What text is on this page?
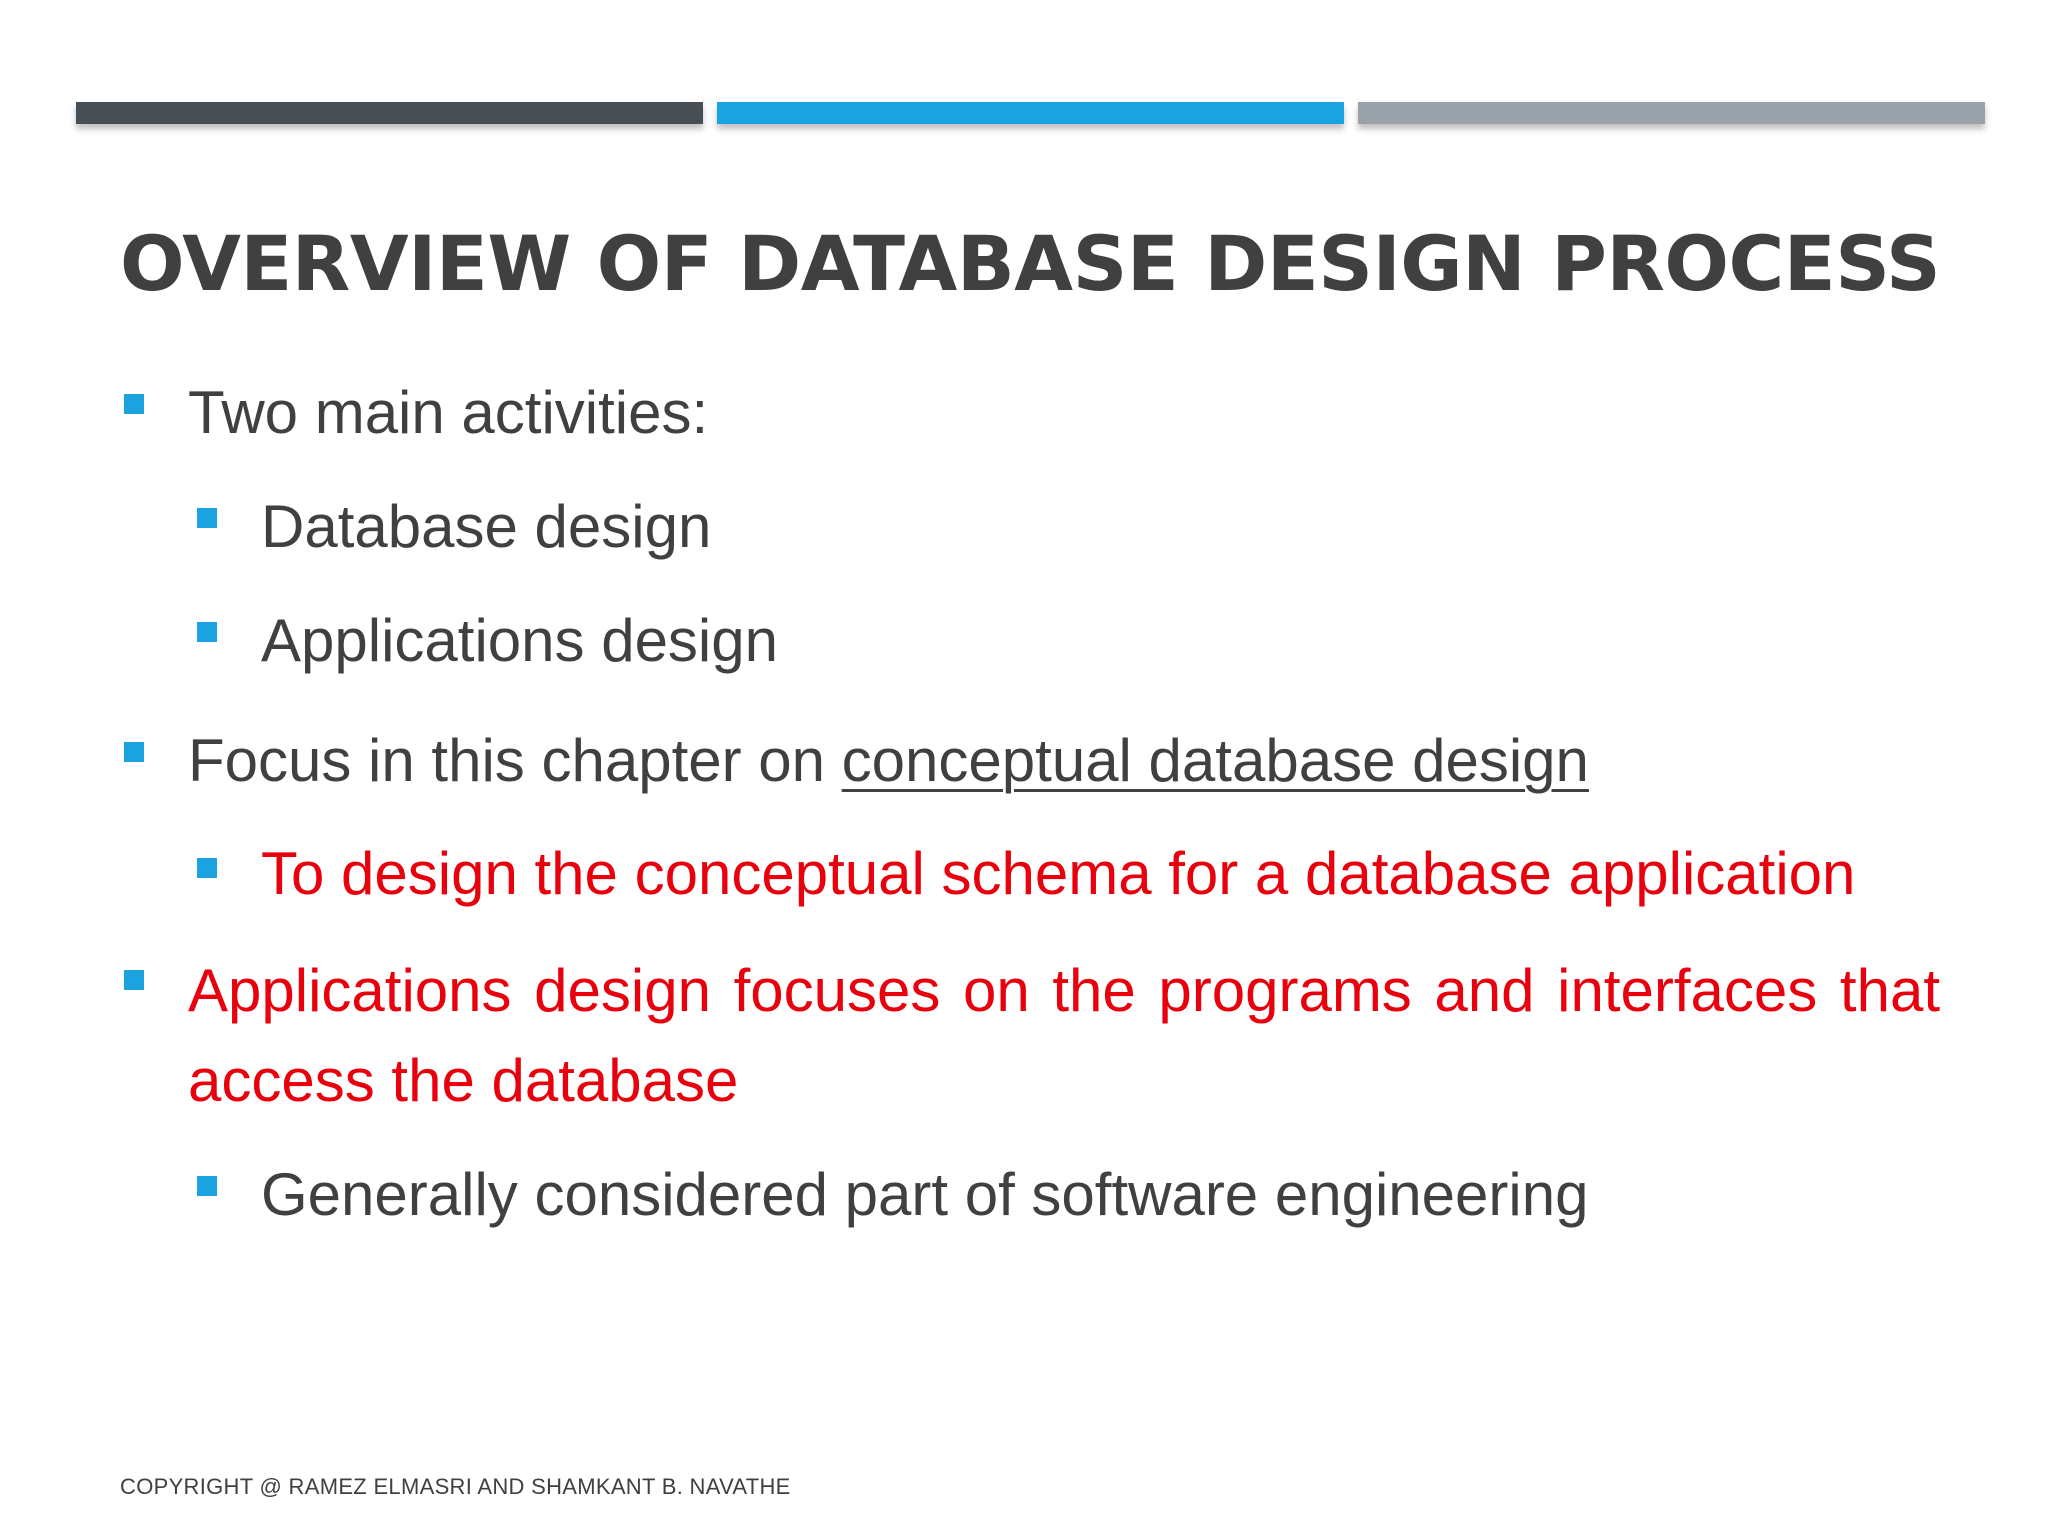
OVERVIEW OF DATABASE DESIGN PROCESS
Two main activities:
Database design
Applications design
Focus in this chapter on conceptual database design
To design the conceptual schema for a database application
Applications design focuses on the programs and interfaces that access the database
Generally considered part of software engineering
COPYRIGHT @ RAMEZ ELMASRI AND SHAMKANT B. NAVATHE
